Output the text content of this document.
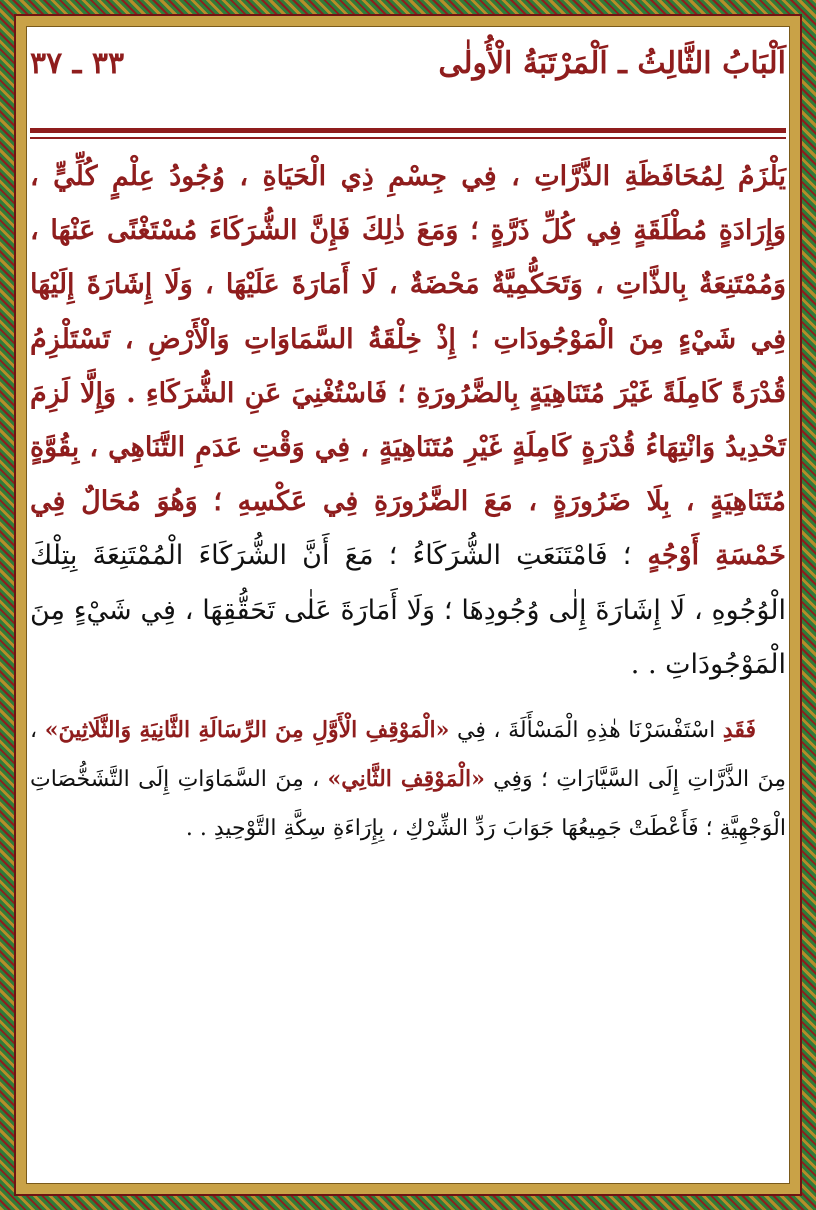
اَلْبَابُ الثَّالِثُ ـ اَلْمَرْتَبَةُ الْأُولٰى
٣٣ ـ ٣٧

يَلْزَمُ لِمُحَافَظَةِ الذَّرَّاتِ ، فِي جِسْمِ ذِي الْحَيَاةِ ، وُجُودُ عِلْمٍ كُلِّيٍّ ، وَإِرَادَةٍ مُطْلَقَةٍ فِي كُلِّ ذَرَّةٍ ؛ وَمَعَ ذٰلِكَ فَإِنَّ الشُّرَكَاءَ مُسْتَغْنًى عَنْهَا ، وَمُمْتَنِعَةٌ بِالذَّاتِ ، وَتَحَكُّمِيَّةٌ مَحْضَةٌ ، لَا أَمَارَةَ عَلَيْهَا ، وَلَا إِشَارَةَ إِلَيْهَا فِي شَيْءٍ مِنَ الْمَوْجُودَاتِ ؛ إِذْ خِلْقَةُ السَّمَاوَاتِ وَالْأَرْضِ ، تَسْتَلْزِمُ قُدْرَةً كَامِلَةً غَيْرَ مُتَنَاهِيَةٍ بِالضَّرُورَةِ ؛ فَاسْتُغْنِيَ عَنِ الشُّرَكَاءِ . وَإِلَّا لَزِمَ تَحْدِيدُ وَانْتِهَاءُ قُدْرَةٍ كَامِلَةٍ غَيْرِ مُتَنَاهِيَةٍ ، فِي وَقْتِ عَدَمِ التَّنَاهِي ، بِقُوَّةٍ مُتَنَاهِيَةٍ ، بِلَا ضَرُورَةٍ ، مَعَ الضَّرُورَةِ فِي عَكْسِهِ ؛ وَهُوَ مُحَالٌ فِي خَمْسَةِ أَوْجُهٍ ؛ فَامْتَنَعَتِ الشُّرَكَاءُ ؛ مَعَ أَنَّ الشُّرَكَاءَ الْمُمْتَنِعَةَ بِتِلْكَ الْوُجُوهِ ، لَا إِشَارَةَ إِلٰى وُجُودِهَا ؛ وَلَا أَمَارَةَ عَلٰى تَحَقُّقِهَا ، فِي شَيْءٍ مِنَ الْمَوْجُودَاتِ . .

فَقَدِ اسْتَفْسَرْنَا هٰذِهِ الْمَسْأَلَةَ ، فِي «الْمَوْقِفِ الْأَوَّلِ مِنَ الرِّسَالَةِ الثَّانِيَةِ وَالثَّلَاثِينَ» ، مِنَ الذَّرَّاتِ إِلَى السَّيَّارَاتِ ؛ وَفِي «الْمَوْقِفِ الثَّانِي» ، مِنَ السَّمَاوَاتِ إِلَى التَّشَخُّصَاتِ الْوَجْهِيَّةِ ؛ فَأَعْطَتْ جَمِيعُهَا جَوَابَ رَدِّ الشِّرْكِ ، بِإِرَاءَةِ سِكَّةِ التَّوْحِيدِ . .
